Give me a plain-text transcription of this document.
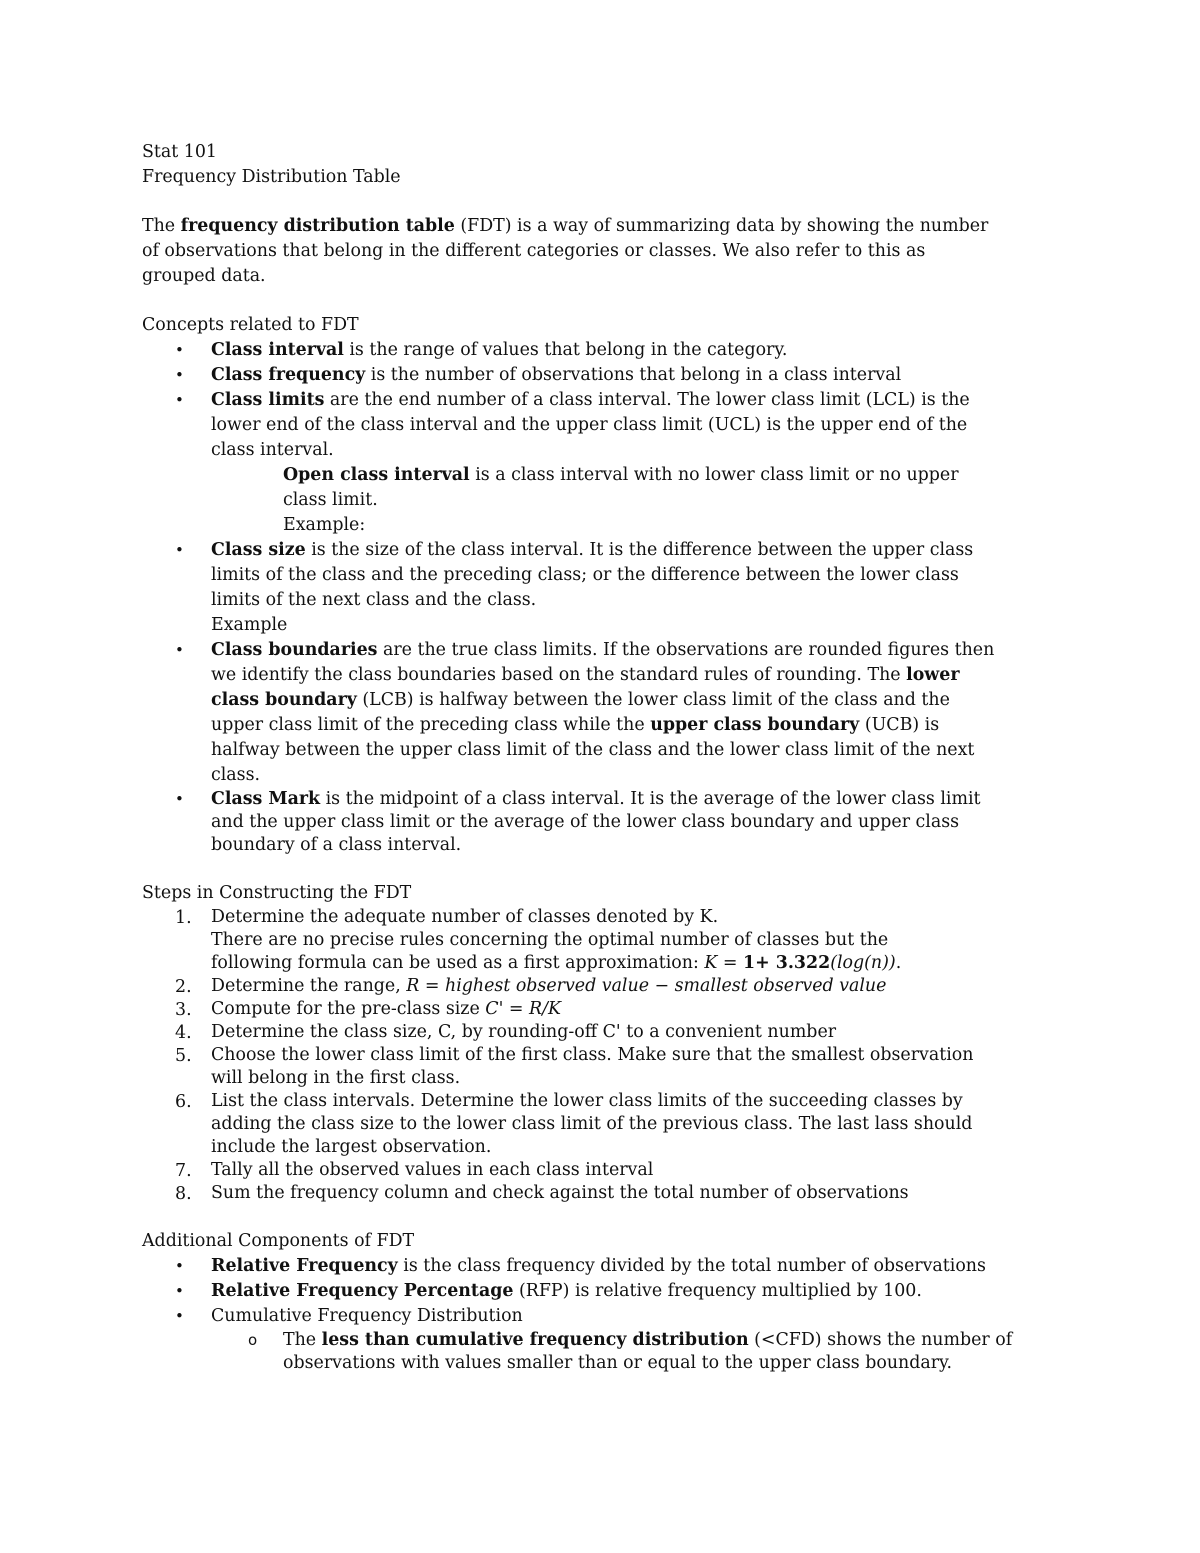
Stat 101
Frequency Distribution Table
The frequency distribution table (FDT) is a way of summarizing data by showing the number
of observations that belong in the different categories or classes. We also refer to this as
grouped data.
Concepts related to FDT
• Class interval is the range of values that belong in the category.
• Class frequency is the number of observations that belong in a class interval
• Class limits are the end number of a class interval. The lower class limit (LCL) is the
lower end of the class interval and the upper class limit (UCL) is the upper end of the
class interval.
Open class interval is a class interval with no lower class limit or no upper
class limit.
Example:
• Class size is the size of the class interval. It is the difference between the upper class
limits of the class and the preceding class; or the difference between the lower class
limits of the next class and the class.
Example
• Class boundaries are the true class limits. If the observations are rounded figures then
we identify the class boundaries based on the standard rules of rounding. The lower
class boundary (LCB) is halfway between the lower class limit of the class and the
upper class limit of the preceding class while the upper class boundary (UCB) is
halfway between the upper class limit of the class and the lower class limit of the next
class.
• Class Mark is the midpoint of a class interval. It is the average of the lower class limit
and the upper class limit or the average of the lower class boundary and upper class
boundary of a class interval.
Steps in Constructing the FDT
1.	Determine the adequate number of classes denoted by K.
There are no precise rules concerning the optimal number of classes but the
following formula can be used as a first approximation: K = 1+ 3.322(log(n)).
2.	Determine the range, R = highest observed value − smallest observed value
3.	Compute for the pre-class size C' = R/K
4.	Determine the class size, C, by rounding-off C' to a convenient number
5.	Choose the lower class limit of the first class. Make sure that the smallest observation
will belong in the first class.
6.	List the class intervals. Determine the lower class limits of the succeeding classes by
adding the class size to the lower class limit of the previous class. The last lass should
include the largest observation.
7.	Tally all the observed values in each class interval
8.	Sum the frequency column and check against the total number of observations
Additional Components of FDT
• Relative Frequency is the class frequency divided by the total number of observations
• Relative Frequency Percentage (RFP) is relative frequency multiplied by 100.
• Cumulative Frequency Distribution
o The less than cumulative frequency distribution (<CFD) shows the number of
observations with values smaller than or equal to the upper class boundary.
